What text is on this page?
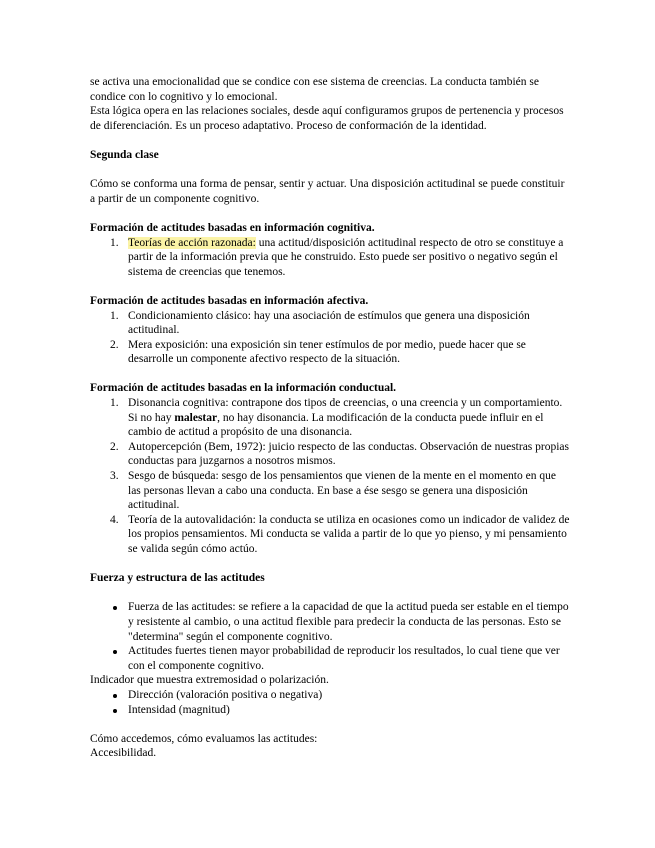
se activa una emocionalidad que se condice con ese sistema de creencias. La conducta también se condice con lo cognitivo y lo emocional.

Esta lógica opera en las relaciones sociales, desde aquí configuramos grupos de pertenencia y procesos de diferenciación. Es un proceso adaptativo. Proceso de conformación de la identidad.

Segunda clase

Cómo se conforma una forma de pensar, sentir y actuar. Una disposición actitudinal se puede constituir a partir de un componente cognitivo.

Formación de actitudes basadas en información cognitiva.
1. Teorías de acción razonada: una actitud/disposición actitudinal respecto de otro se constituye a partir de la información previa que he construido. Esto puede ser positivo o negativo según el sistema de creencias que tenemos.
Formación de actitudes basadas en información afectiva.
1. Condicionamiento clásico: hay una asociación de estímulos que genera una disposición actitudinal.
2. Mera exposición: una exposición sin tener estímulos de por medio, puede hacer que se desarrolle un componente afectivo respecto de la situación.
Formación de actitudes basadas en la información conductual.
1. Disonancia cognitiva: contrapone dos tipos de creencias, o una creencia y un comportamiento. Si no hay malestar, no hay disonancia. La modificación de la conducta puede influir en el cambio de actitud a propósito de una disonancia.
2. Autopercepción (Bem, 1972): juicio respecto de las conductas. Observación de nuestras propias conductas para juzgarnos a nosotros mismos.
3. Sesgo de búsqueda: sesgo de los pensamientos que vienen de la mente en el momento en que las personas llevan a cabo una conducta. En base a ése sesgo se genera una disposición actitudinal.
4. Teoría de la autovalidación: la conducta se utiliza en ocasiones como un indicador de validez de los propios pensamientos. Mi conducta se valida a partir de lo que yo pienso, y mi pensamiento se valida según cómo actúo.
Fuerza y estructura de las actitudes
Fuerza de las actitudes: se refiere a la capacidad de que la actitud pueda ser estable en el tiempo y resistente al cambio, o una actitud flexible para predecir la conducta de las personas. Esto se "determina" según el componente cognitivo.
Actitudes fuertes tienen mayor probabilidad de reproducir los resultados, lo cual tiene que ver con el componente cognitivo.

Indicador que muestra extremosidad o polarización.

Dirección (valoración positiva o negativa)
Intensidad (magnitud)

Cómo accedemos, cómo evaluamos las actitudes:

Accesibilidad.
